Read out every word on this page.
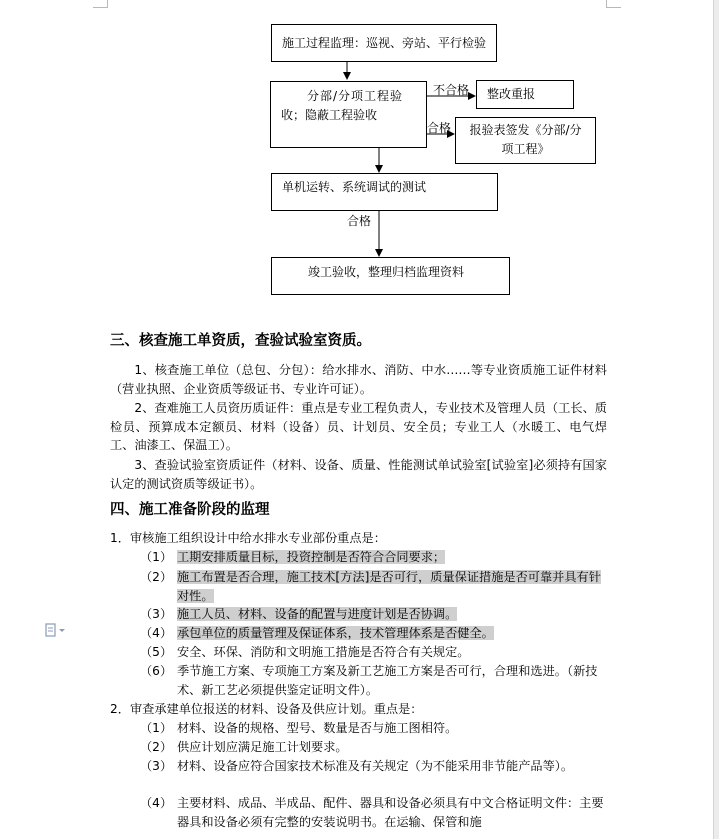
施工过程监理：巡视、旁站、平行检验
分部/分项工程验
收；隐蔽工程验收
整改重报
报验表签发《分部/分
项工程》
单机运转、系统调试的测试
竣工验收，整理归档监理资料
不合格
合格
合格
三、核查施工单资质，查验试验室资质。
1、核查施工单位（总包、分包）：给水排水、消防、中水……等专业资质施工证件材料（营业执照、企业资质等级证书、专业许可证）。
2、查难施工人员资历质证件：重点是专业工程负责人，专业技术及管理人员（工长、质检员、预算成本定额员、材料（设备）员、计划员、安全员；专业工人（水暖工、电气焊工、油漆工、保温工）。
3、查验试验室资质证件（材料、设备、质量、性能测试单试验室[试验室]必须持有国家认定的测试资质等级证书）。
四、施工准备阶段的监理
1．审核施工组织设计中给水排水专业部份重点是：
（1） 工期安排质量目标，投资控制是否符合合同要求；
（2） 施工布置是否合理，施工技术[方法]是否可行，质量保证措施是否可靠并具有针对性。
（3） 施工人员、材料、设备的配置与进度计划是否协调。
（4） 承包单位的质量管理及保证体系，技术管理体系是否健全。
（5） 安全、环保、消防和文明施工措施是否符合有关规定。
（6） 季节施工方案、专项施工方案及新工艺施工方案是否可行，合理和选进。（新技术、新工艺必须提供鉴定证明文件）。
2．审查承建单位报送的材料、设备及供应计划。重点是：
（1） 材料、设备的规格、型号、数量是否与施工图相符。
（2） 供应计划应满足施工计划要求。
（3） 材料、设备应符合国家技术标准及有关规定（为不能采用非节能产品等）。
（4） 主要材料、成品、半成品、配件、器具和设备必须具有中文合格证明文件：主要器具和设备必须有完整的安装说明书。在运输、保管和施
